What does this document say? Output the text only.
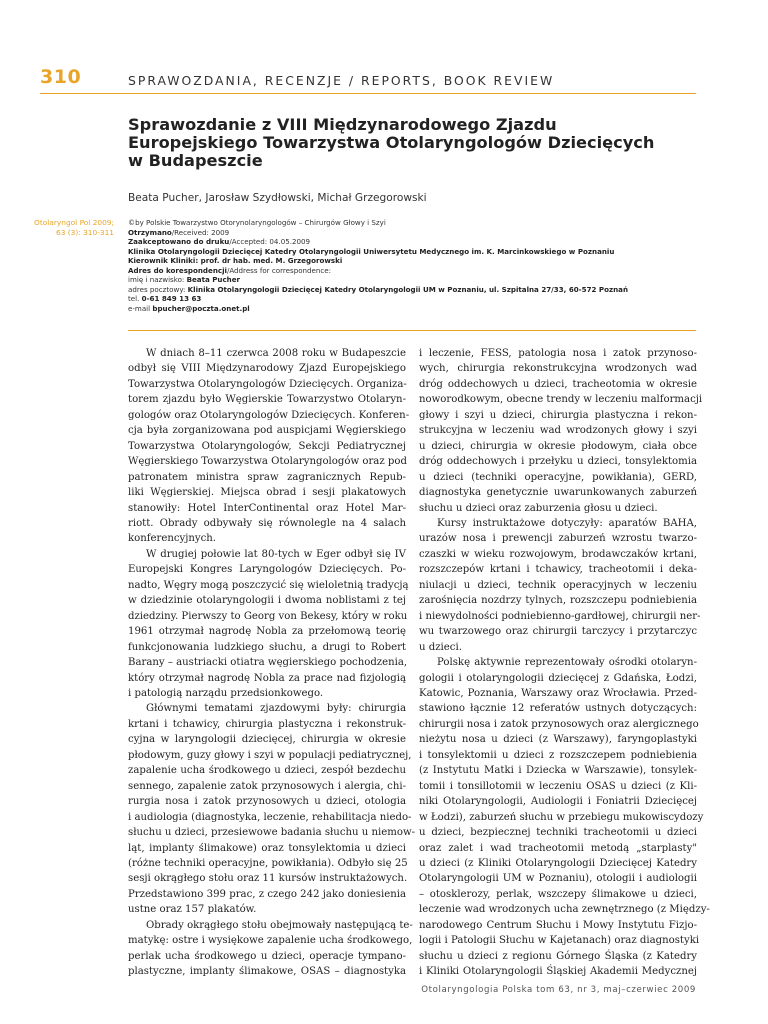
310	SPRAWOZDANIA, RECENZJE / REPORTS, BOOK REVIEW
Sprawozdanie z VIII Międzynarodowego Zjazdu
Europejskiego Towarzystwa Otolaryngologów Dziecięcych
w Budapeszcie
Beata Pucher, Jarosław Szydłowski, Michał Grzegorowski
Otolaryngol Pol 2009;
63 (3): 310-311
©by Polskie Towarzystwo Otorynolaryngologów – Chirurgów Głowy i Szyi
Otrzymano/Received: 2009
Zaakceptowano do druku/Accepted: 04.05.2009
Klinika Otolaryngologii Dziecięcej Katedry Otolaryngologii Uniwersytetu Medycznego im. K. Marcinkowskiego w Poznaniu
Kierownik Kliniki: prof. dr hab. med. M. Grzegorowski
Adres do korespondencji/Address for correspondence:
imię i nazwisko: Beata Pucher
adres pocztowy: Klinika Otolaryngologii Dziecięcej Katedry Otolaryngologii UM w Poznaniu, ul. Szpitalna 27/33, 60-572 Poznań
tel. 0-61 849 13 63
e-mail bpucher@poczta.onet.pl
W dniach 8–11 czerwca 2008 roku w Budapeszcie
odbył się VIII Międzynarodowy Zjazd Europejskiego
Towarzystwa Otolaryngologów Dziecięcych. Organiza-
torem zjazdu było Węgierskie Towarzystwo Otolaryn-
gologów oraz Otolaryngologów Dziecięcych. Konferen-
cja była zorganizowana pod auspicjami Węgierskiego
Towarzystwa Otolaryngologów, Sekcji Pediatrycznej
Węgierskiego Towarzystwa Otolaryngologów oraz pod
patronatem ministra spraw zagranicznych Repub-
liki Węgierskiej. Miejsca obrad i sesji plakatowych
stanowiły: Hotel InterContinental oraz Hotel Mar-
riott. Obrady odbywały się równolegle na 4 salach
konferencyjnych.
W drugiej połowie lat 80-tych w Eger odbył się IV
Europejski Kongres Laryngologów Dziecięcych. Po-
nadto, Węgry mogą poszczycić się wieloletnią tradycją
w dziedzinie otolaryngologii i dwoma noblistami z tej
dziedziny. Pierwszy to Georg von Bekesy, który w roku
1961 otrzymał nagrodę Nobla za przełomową teorię
funkcjonowania ludzkiego słuchu, a drugi to Robert
Barany – austriacki otiatra węgierskiego pochodzenia,
który otrzymał nagrodę Nobla za prace nad fizjologią
i patologią narządu przedsionkowego.
Głównymi tematami zjazdowymi były: chirurgia
krtani i tchawicy, chirurgia plastyczna i rekonstruk-
cyjna w laryngologii dziecięcej, chirurgia w okresie
płodowym, guzy głowy i szyi w populacji pediatrycznej,
zapalenie ucha środkowego u dzieci, zespół bezdechu
sennego, zapalenie zatok przynosowych i alergia, chi-
rurgia nosa i zatok przynosowych u dzieci, otologia
i audiologia (diagnostyka, leczenie, rehabilitacja niedo-
słuchu u dzieci, przesiewowe badania słuchu u niemow-
ląt, implanty ślimakowe) oraz tonsylektomia u dzieci
(różne techniki operacyjne, powikłania). Odbyło się 25
sesji okrągłego stołu oraz 11 kursów instruktażowych.
Przedstawiono 399 prac, z czego 242 jako doniesienia
ustne oraz 157 plakatów.
Obrady okrągłego stołu obejmowały następującą te-
matykę: ostre i wysiękowe zapalenie ucha środkowego,
perlak ucha środkowego u dzieci, operacje tympano-
plastyczne, implanty ślimakowe, OSAS – diagnostyka
i leczenie, FESS, patologia nosa i zatok przynoso-
wych, chirurgia rekonstrukcyjna wrodzonych wad
dróg oddechowych u dzieci, tracheotomia w okresie
noworodkowym, obecne trendy w leczeniu malformacji
głowy i szyi u dzieci, chirurgia plastyczna i rekon-
strukcyjna w leczeniu wad wrodzonych głowy i szyi
u dzieci, chirurgia w okresie płodowym, ciała obce
dróg oddechowych i przełyku u dzieci, tonsylektomia
u dzieci (techniki operacyjne, powikłania), GERD,
diagnostyka genetycznie uwarunkowanych zaburzeń
słuchu u dzieci oraz zaburzenia głosu u dzieci.
Kursy instruktażowe dotyczyły: aparatów BAHA,
urazów nosa i prewencji zaburzeń wzrostu twarzo-
czaszki w wieku rozwojowym, brodawczaków krtani,
rozszczepów krtani i tchawicy, tracheotomii i deka-
niulacji u dzieci, technik operacyjnych w leczeniu
zarośnięcia nozdrzy tylnych, rozszczepu podniebienia
i niewydolności podniebienno-gardłowej, chirurgii ner-
wu twarzowego oraz chirurgii tarczycy i przytarczyc
u dzieci.
Polskę aktywnie reprezentowały ośrodki otolaryn-
gologii i otolaryngologii dziecięcej z Gdańska, Łodzi,
Katowic, Poznania, Warszawy oraz Wrocławia. Przed-
stawiono łącznie 12 referatów ustnych dotyczących:
chirurgii nosa i zatok przynosowych oraz alergicznego
nieżytu nosa u dzieci (z Warszawy), faryngoplastyki
i tonsylektomii u dzieci z rozszczepem podniebienia
(z Instytutu Matki i Dziecka w Warszawie), tonsylek-
tomii i tonsillotomii w leczeniu OSAS u dzieci (z Kli-
niki Otolaryngologii, Audiologii i Foniatrii Dziecięcej
w Łodzi), zaburzeń słuchu w przebiegu mukowiscydozy
u dzieci, bezpiecznej techniki tracheotomii u dzieci
oraz zalet i wad tracheotomii metodą „starplasty"
u dzieci (z Kliniki Otolaryngologii Dziecięcej Katedry
Otolaryngologii UM w Poznaniu), otologii i audiologii
– otosklerozy, perlak, wszczepy ślimakowe u dzieci,
leczenie wad wrodzonych ucha zewnętrznego (z Między-
narodowego Centrum Słuchu i Mowy Instytutu Fizjo-
logii i Patologii Słuchu w Kajetanach) oraz diagnostyki
słuchu u dzieci z regionu Górnego Śląska (z Katedry
i Kliniki Otolaryngologii Śląskiej Akademii Medycznej
Otolaryngologia Polska tom 63, nr 3, maj–czerwiec 2009
